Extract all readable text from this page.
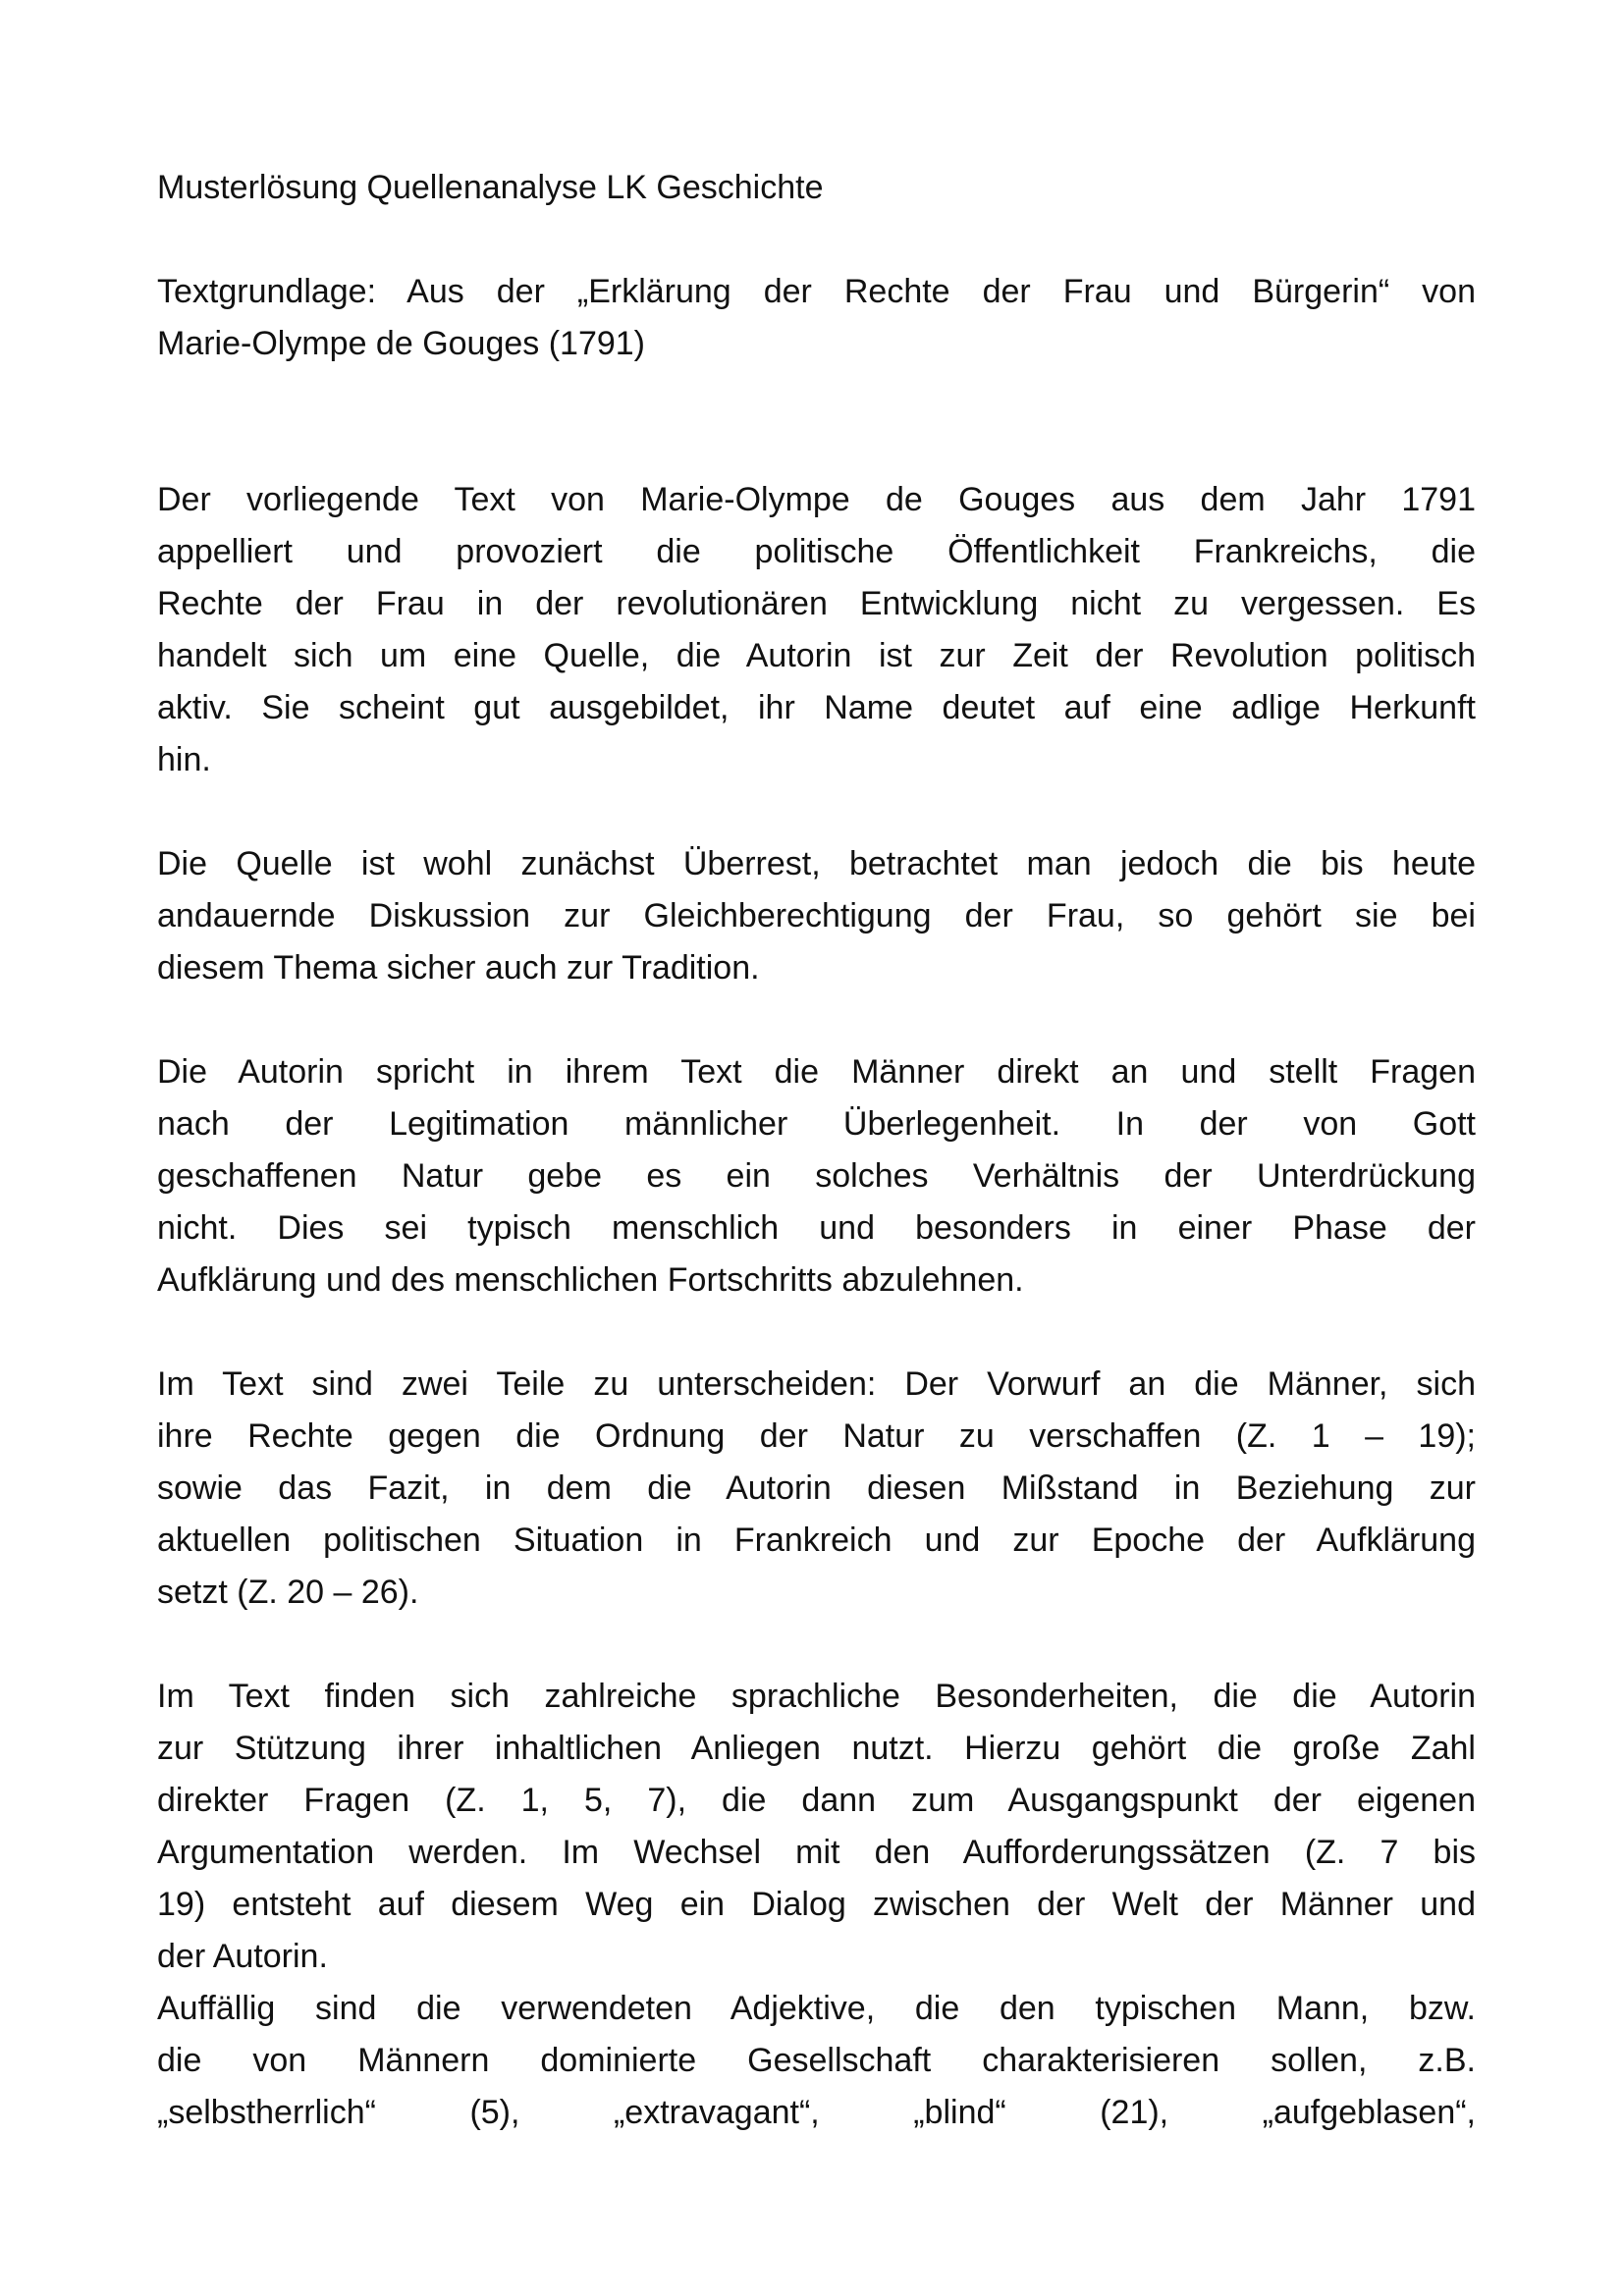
Musterlösung Quellenanalyse LK Geschichte
Textgrundlage: Aus der „Erklärung der Rechte der Frau und Bürgerin“ von
Marie-Olympe de Gouges (1791)
Der vorliegende Text von Marie-Olympe de Gouges aus dem Jahr 1791
appelliert und provoziert die politische Öffentlichkeit Frankreichs, die
Rechte der Frau in der revolutionären Entwicklung nicht zu vergessen. Es
handelt sich um eine Quelle, die Autorin ist zur Zeit der Revolution politisch
aktiv. Sie scheint gut ausgebildet, ihr Name deutet auf eine adlige Herkunft
hin.
Die Quelle ist wohl zunächst Überrest, betrachtet man jedoch die bis heute
andauernde Diskussion zur Gleichberechtigung der Frau, so gehört sie bei
diesem Thema sicher auch zur Tradition.
Die Autorin spricht in ihrem Text die Männer direkt an und stellt Fragen
nach der Legitimation männlicher Überlegenheit. In der von Gott
geschaffenen Natur gebe es ein solches Verhältnis der Unterdrückung
nicht. Dies sei typisch menschlich und besonders in einer Phase der
Aufklärung und des menschlichen Fortschritts abzulehnen.
Im Text sind zwei Teile zu unterscheiden: Der Vorwurf an die Männer, sich
ihre Rechte gegen die Ordnung der Natur zu verschaffen (Z. 1 – 19);
sowie das Fazit, in dem die Autorin diesen Mißstand in Beziehung zur
aktuellen politischen Situation in Frankreich und zur Epoche der Aufklärung
setzt (Z. 20 – 26).
Im Text finden sich zahlreiche sprachliche Besonderheiten, die die Autorin
zur Stützung ihrer inhaltlichen Anliegen nutzt. Hierzu gehört die große Zahl
direkter Fragen (Z. 1, 5, 7), die dann zum Ausgangspunkt der eigenen
Argumentation werden. Im Wechsel mit den Aufforderungssätzen (Z. 7 bis
19) entsteht auf diesem Weg ein Dialog zwischen der Welt der Männer und
der Autorin.
Auffällig sind die verwendeten Adjektive, die den typischen Mann, bzw.
die von Männern dominierte Gesellschaft charakterisieren sollen, z.B.
„selbstherrlich“ (5), „extravagant“, „blind“ (21), „aufgeblasen“,
